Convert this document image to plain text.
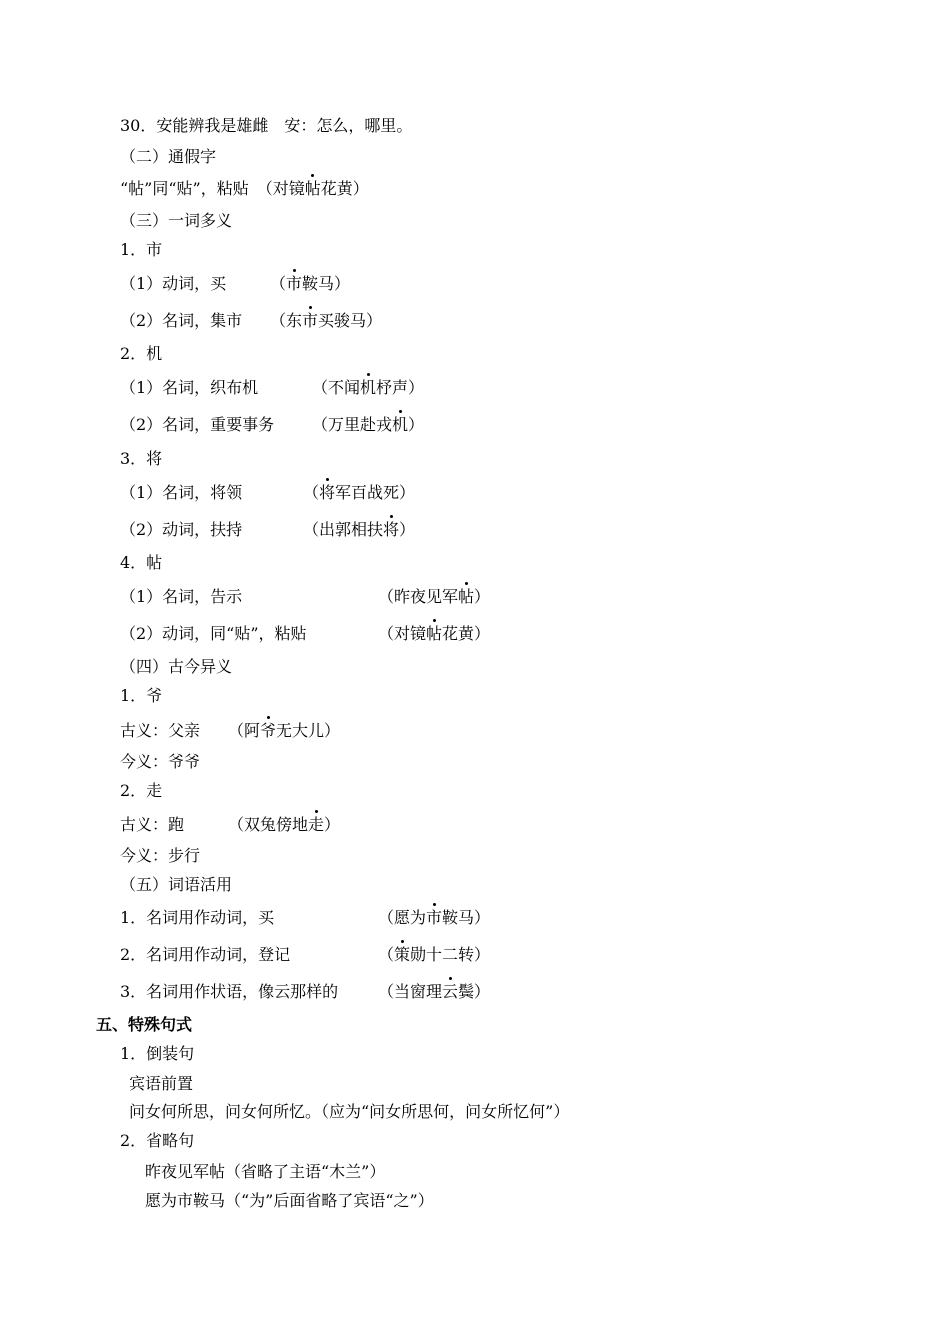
30．安能辨我是雄雌　安：怎么，哪里。
（二）通假字
“帖”同“贴”，粘贴　（对镜帖花黄）
（三）一词多义
1．市
（1）动词，买	（市鞍马）
（2）名词，集市 （东市买骏马）
2．机
（1）名词，织布机	（不闻机杼声）
（2）名词，重要事务 （万里赴戎机）
3．将
（1）名词，将领	（将军百战死）
（2）动词，扶持	（出郭相扶将）
4．帖
（1）名词，告示	（昨夜见军帖）
（2）动词，同“贴”，粘贴	（对镜帖花黄）
（四）古今异义
1．爷
古义：父亲 （阿爷无大儿）
今义：爷爷
2．走
古义：跑	（双兔傍地走）
今义：步行
（五）词语活用
1．名词用作动词，买	（愿为市鞍马）
2．名词用作动词，登记	（策勋十二转）
3．名词用作状语，像云那样的 （当窗理云鬓）
五、特殊句式
1．倒装句
宾语前置
问女何所思，问女何所忆。（应为“问女所思何，问女所忆何”）
2．省略句
昨夜见军帖（省略了主语“木兰”）
愿为市鞍马（“为”后面省略了宾语“之”）
